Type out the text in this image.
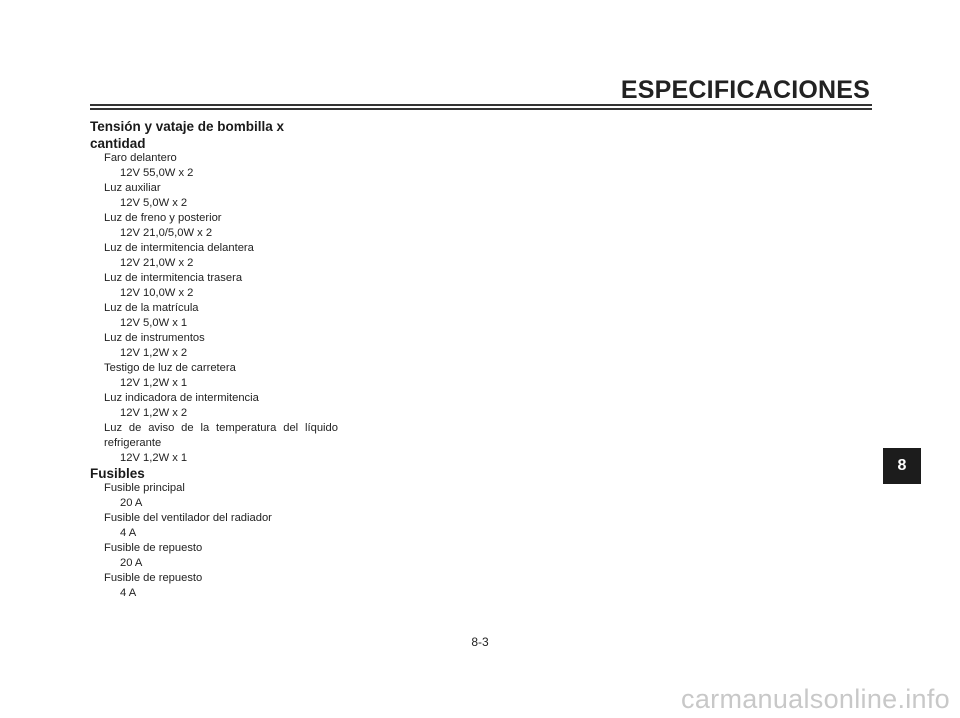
ESPECIFICACIONES
Tensión y vataje de bombilla x
cantidad
Faro delantero
12V 55,0W x 2
Luz auxiliar
12V 5,0W x 2
Luz de freno y posterior
12V 21,0/5,0W x 2
Luz de intermitencia delantera
12V 21,0W x 2
Luz de intermitencia trasera
12V 10,0W x 2
Luz de la matrícula
12V 5,0W x 1
Luz de instrumentos
12V 1,2W x 2
Testigo de luz de carretera
12V 1,2W x 1
Luz indicadora de intermitencia
12V 1,2W x 2
Luz de aviso de la temperatura del líquido
refrigerante
12V 1,2W x 1
Fusibles
Fusible principal
20 A
Fusible del ventilador del radiador
4 A
Fusible de repuesto
20 A
Fusible de repuesto
4 A
8
8-3
carmanualsonline.info
